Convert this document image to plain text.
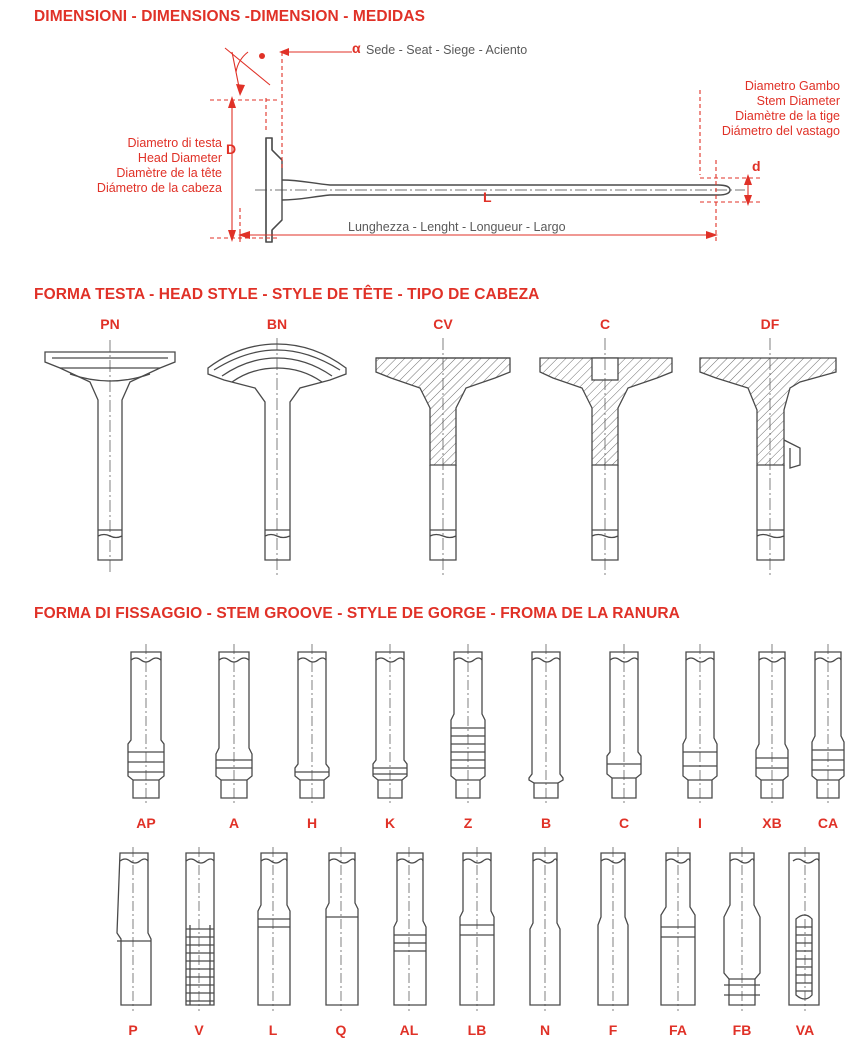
DIMENSIONI - DIMENSIONS -DIMENSION - MEDIDAS
α Sede - Seat - Siege - Aciento
Diametro di testa
Head Diameter
Diamètre de la tête
Diámetro de la cabeza
D
Diametro Gambo
Stem Diameter
Diamètre de la tige
Diámetro del vastago
d
L
Lunghezza - Lenght - Longueur - Largo
FORMA TESTA - HEAD STYLE - STYLE DE TÊTE - TIPO DE CABEZA
PN	BN	CV	C	DF
FORMA DI FISSAGGIO - STEM GROOVE - STYLE DE GORGE - FROMA DE LA RANURA
AP	A	H	K	Z	B	C	I	XB	CA
P	V	L	Q	AL	LB	N	F	FA	FB	VA
